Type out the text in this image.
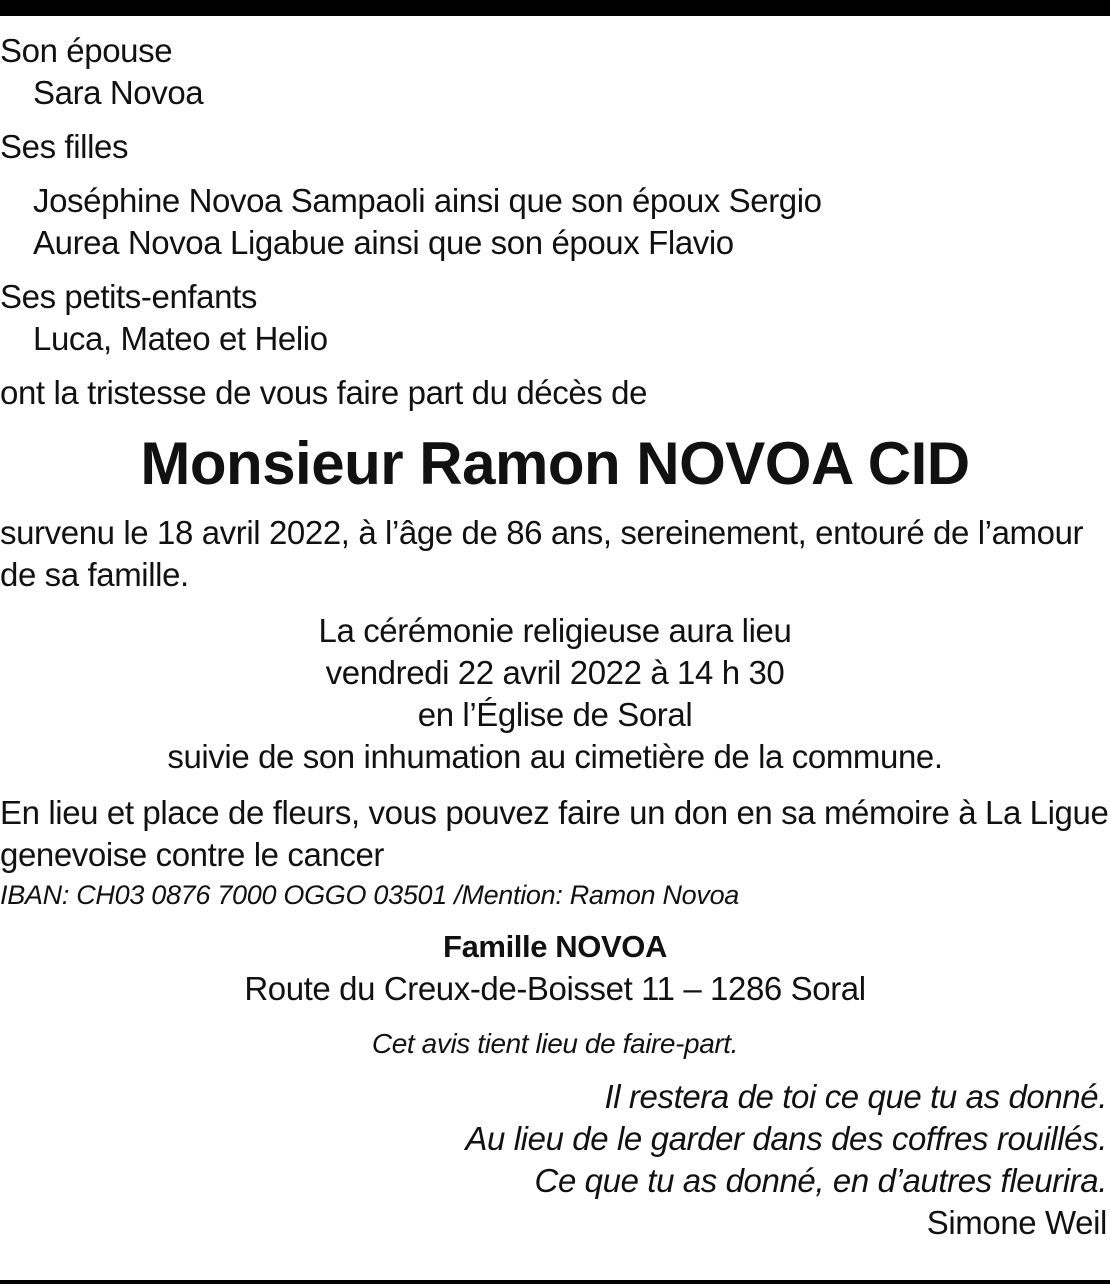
Son épouse
Sara Novoa
Ses filles
Joséphine Novoa Sampaoli ainsi que son époux Sergio
Aurea Novoa Ligabue ainsi que son époux Flavio
Ses petits-enfants
Luca, Mateo et Helio
ont la tristesse de vous faire part du décès de
Monsieur Ramon NOVOA CID
survenu le 18 avril 2022, à l’âge de 86 ans, sereinement, entouré de l’amour de sa famille.
La cérémonie religieuse aura lieu
vendredi 22 avril 2022 à 14 h 30
en l’Église de Soral
suivie de son inhumation au cimetière de la commune.
En lieu et place de fleurs, vous pouvez faire un don en sa mémoire à La Ligue genevoise contre le cancer
IBAN: CH03 0876 7000 OGGO 03501 /Mention: Ramon Novoa
Famille NOVOA
Route du Creux-de-Boisset 11 – 1286 Soral
Cet avis tient lieu de faire-part.
Il restera de toi ce que tu as donné.
Au lieu de le garder dans des coffres rouillés.
Ce que tu as donné, en d’autres fleurira.
Simone Weil
